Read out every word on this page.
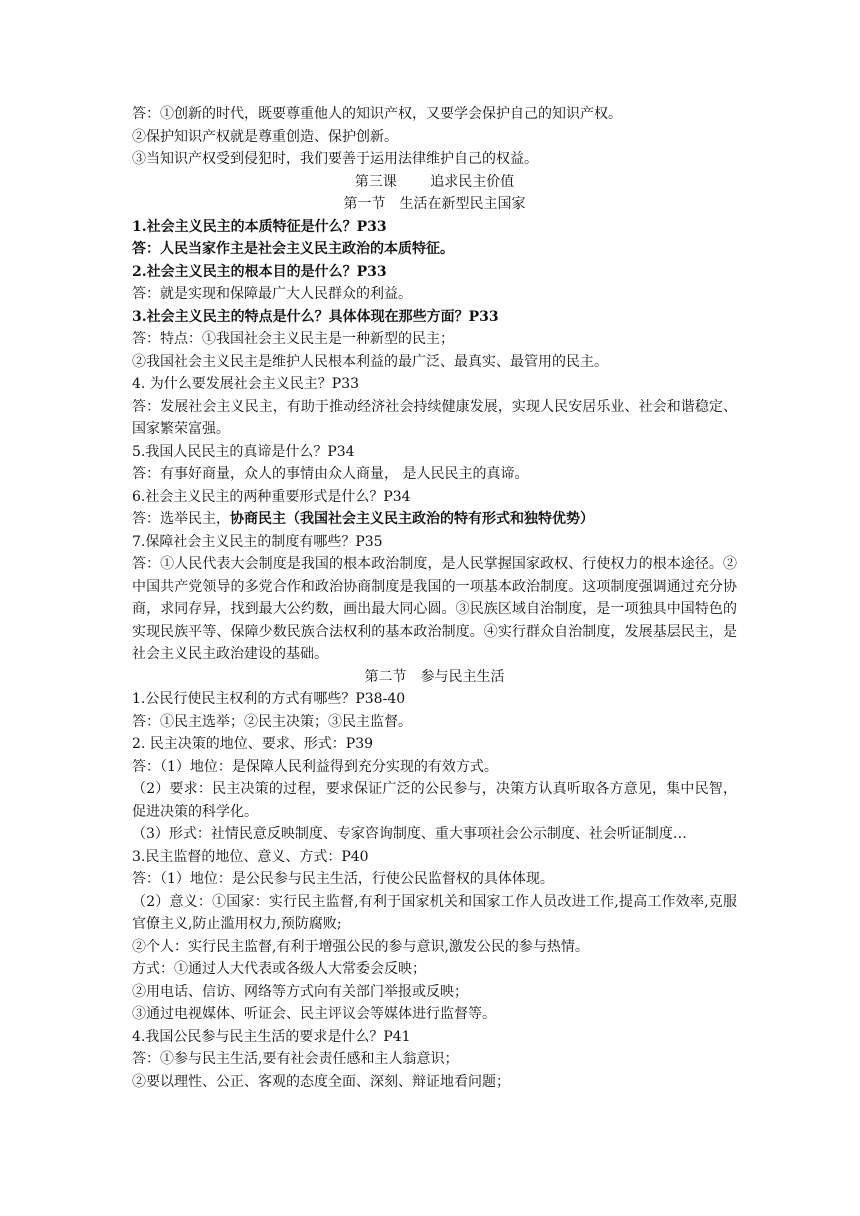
答：①创新的时代，既要尊重他人的知识产权，又要学会保护自己的知识产权。
②保护知识产权就是尊重创造、保护创新。
③当知识产权受到侵犯时，我们要善于运用法律维护自己的权益。
第三课 追求民主价值
第一节　生活在新型民主国家
1.社会主义民主的本质特征是什么？P33
答：人民当家作主是社会主义民主政治的本质特征。
2.社会主义民主的根本目的是什么？P33
答：就是实现和保障最广大人民群众的利益。
3.社会主义民主的特点是什么？具体体现在那些方面？P33
答：特点：①我国社会主义民主是一种新型的民主；
②我国社会主义民主是维护人民根本利益的最广泛、最真实、最管用的民主。
4. 为什么要发展社会主义民主？P33
答：发展社会主义民主，有助于推动经济社会持续健康发展，实现人民安居乐业、社会和谐稳定、国家繁荣富强。
5.我国人民民主的真谛是什么？P34
答：有事好商量，众人的事情由众人商量， 是人民民主的真谛。
6.社会主义民主的两种重要形式是什么？P34
答：选举民主，协商民主（我国社会主义民主政治的特有形式和独特优势）
7.保障社会主义民主的制度有哪些？P35
答：①人民代表大会制度是我国的根本政治制度，是人民掌握国家政权、行使权力的根本途径。②中国共产党领导的多党合作和政治协商制度是我国的一项基本政治制度。这项制度强调通过充分协商，求同存异，找到最大公约数，画出最大同心圆。③民族区域自治制度，是一项独具中国特色的实现民族平等、保障少数民族合法权利的基本政治制度。④实行群众自治制度，发展基层民主，是社会主义民主政治建设的基础。
第二节　参与民主生活
1.公民行使民主权利的方式有哪些？P38-40
答：①民主选举；②民主决策；③民主监督。
2. 民主决策的地位、要求、形式：P39
答：（1）地位：是保障人民利益得到充分实现的有效方式。
（2）要求：民主决策的过程，要求保证广泛的公民参与，决策方认真听取各方意见，集中民智，促进决策的科学化。
（3）形式：社情民意反映制度、专家咨询制度、重大事项社会公示制度、社会听证制度…
3.民主监督的地位、意义、方式：P40
答：（1）地位：是公民参与民主生活，行使公民监督权的具体体现。
（2）意义：①国家：实行民主监督,有利于国家机关和国家工作人员改进工作,提高工作效率,克服官僚主义,防止滥用权力,预防腐败;
②个人：实行民主监督,有利于增强公民的参与意识,激发公民的参与热情。
方式：①通过人大代表或各级人大常委会反映；
②用电话、信访、网络等方式向有关部门举报或反映；
③通过电视媒体、听证会、民主评议会等媒体进行监督等。
4.我国公民参与民主生活的要求是什么？P41
答：①参与民主生活,要有社会责任感和主人翁意识；
②要以理性、公正、客观的态度全面、深刻、辩证地看问题；
